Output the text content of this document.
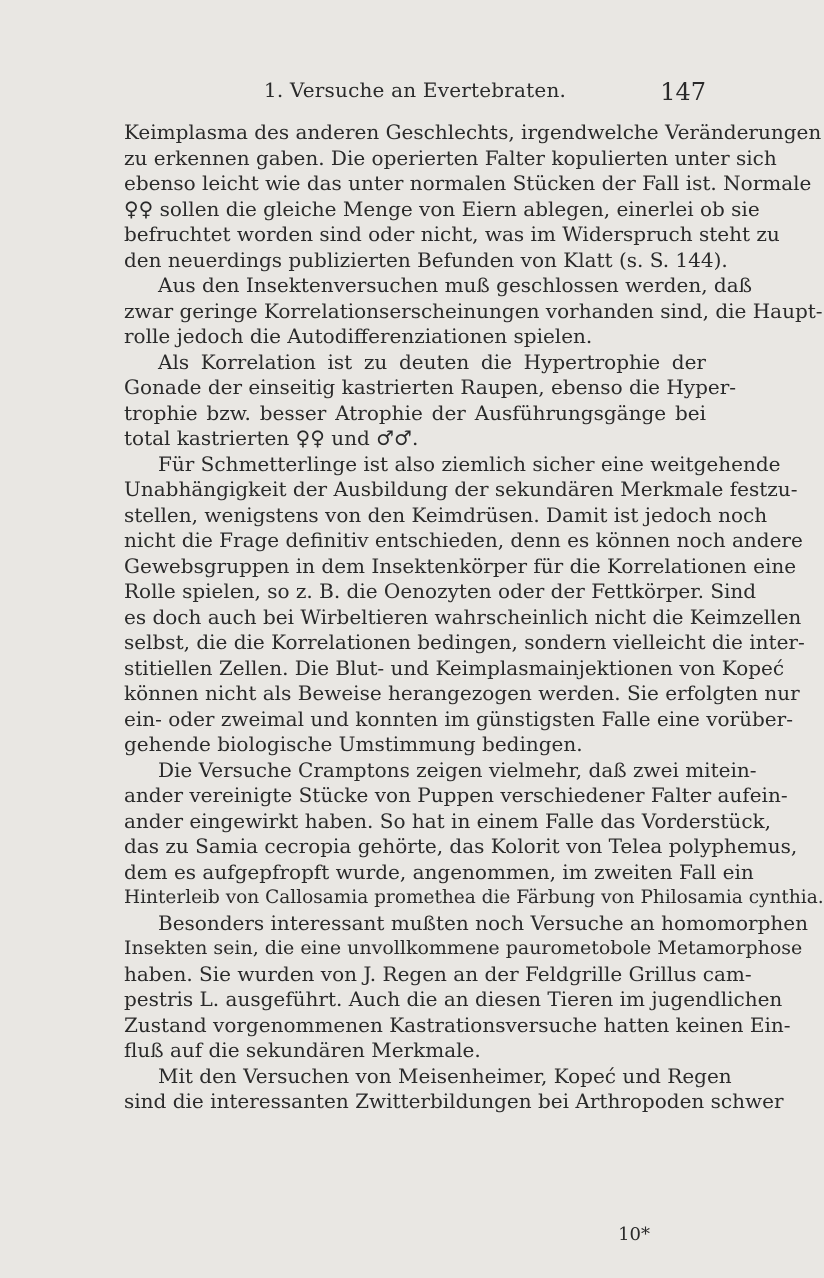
1. Versuche an Evertebraten.	147
Keimplasma des anderen Geschlechts, irgendwelche Veränderungen
zu erkennen gaben. Die operierten Falter kopulierten unter sich
ebenso leicht wie das unter normalen Stücken der Fall ist. Normale
♀♀ sollen die gleiche Menge von Eiern ablegen, einerlei ob sie
befruchtet worden sind oder nicht, was im Widerspruch steht zu
den neuerdings publizierten Befunden von Klatt (s. S. 144).
Aus den Insektenversuchen muß geschlossen werden, daß
zwar geringe Korrelationserscheinungen vorhanden sind, die Haupt-
rolle jedoch die Autodifferenziationen spielen.
Als Korrelation ist zu deuten die Hypertrophie der
Gonade der einseitig kastrierten Raupen, ebenso die Hyper-
trophie bzw. besser Atrophie der Ausführungsgänge bei
total kastrierten ♀♀ und ♂♂.
Für Schmetterlinge ist also ziemlich sicher eine weitgehende
Unabhängigkeit der Ausbildung der sekundären Merkmale festzu-
stellen, wenigstens von den Keimdrüsen. Damit ist jedoch noch
nicht die Frage definitiv entschieden, denn es können noch andere
Gewebsgruppen in dem Insektenkörper für die Korrelationen eine
Rolle spielen, so z. B. die Oenozyten oder der Fettkörper. Sind
es doch auch bei Wirbeltieren wahrscheinlich nicht die Keimzellen
selbst, die die Korrelationen bedingen, sondern vielleicht die inter-
stitiellen Zellen. Die Blut- und Keimplasmainjektionen von Kopeć
können nicht als Beweise herangezogen werden. Sie erfolgten nur
ein- oder zweimal und konnten im günstigsten Falle eine vorüber-
gehende biologische Umstimmung bedingen.
Die Versuche Cramptons zeigen vielmehr, daß zwei mitein-
ander vereinigte Stücke von Puppen verschiedener Falter aufein-
ander eingewirkt haben. So hat in einem Falle das Vorderstück,
das zu Samia cecropia gehörte, das Kolorit von Telea polyphemus,
dem es aufgepfropft wurde, angenommen, im zweiten Fall ein
Hinterleib von Callosamia promethea die Färbung von Philosamia cynthia.
Besonders interessant mußten noch Versuche an homomorphen
Insekten sein, die eine unvollkommene paurometobole Metamorphose
haben. Sie wurden von J. Regen an der Feldgrille Grillus cam-
pestris L. ausgeführt. Auch die an diesen Tieren im jugendlichen
Zustand vorgenommenen Kastrationsversuche hatten keinen Ein-
fluß auf die sekundären Merkmale.
Mit den Versuchen von Meisenheimer, Kopeć und Regen
sind die interessanten Zwitterbildungen bei Arthropoden schwer
10*
